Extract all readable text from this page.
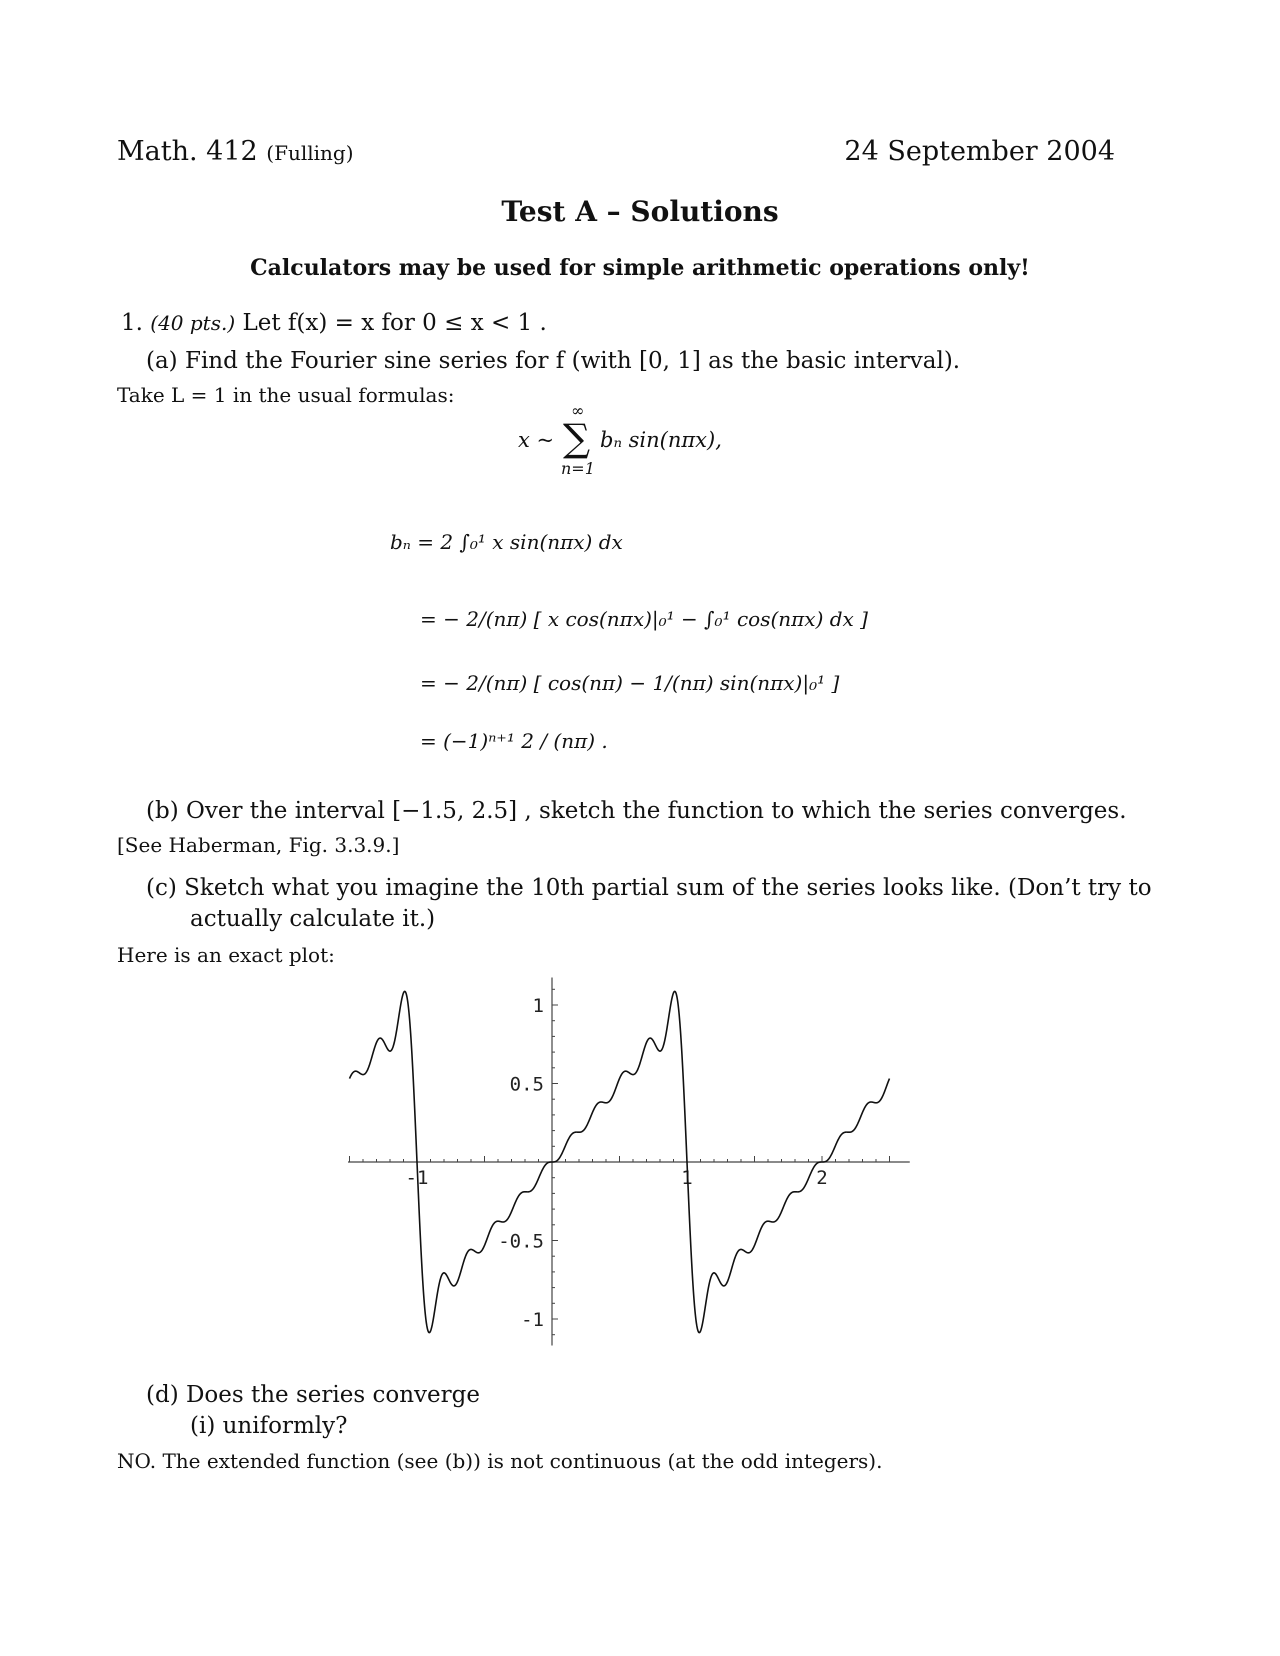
Math. 412 (Fulling)	24 September 2004
Test A – Solutions
Calculators may be used for simple arithmetic operations only!
1. (40 pts.) Let f(x) = x for 0 ≤ x < 1 .
(a) Find the Fourier sine series for f (with [0, 1] as the basic interval).
Take L = 1 in the usual formulas:
x ~ ∑
∞
n=1
bₙ sin(nπx),
bₙ = 2 ∫₀¹ x sin(nπx) dx
= − 2/(nπ) [ x cos(nπx)|₀¹ − ∫₀¹ cos(nπx) dx ]
= − 2/(nπ) [ cos(nπ) − 1/(nπ) sin(nπx)|₀¹ ]
= (−1)ⁿ⁺¹ 2 / (nπ) .
(b) Over the interval [−1.5, 2.5] , sketch the function to which the series converges.
[See Haberman, Fig. 3.3.9.]
(c) Sketch what you imagine the 10th partial sum of the series looks like. (Don’t try to
actually calculate it.)
Here is an exact plot:
-1	1	2
1
0.5
-0.5
-1
(d) Does the series converge
(i) uniformly?
NO. The extended function (see (b)) is not continuous (at the odd integers).
